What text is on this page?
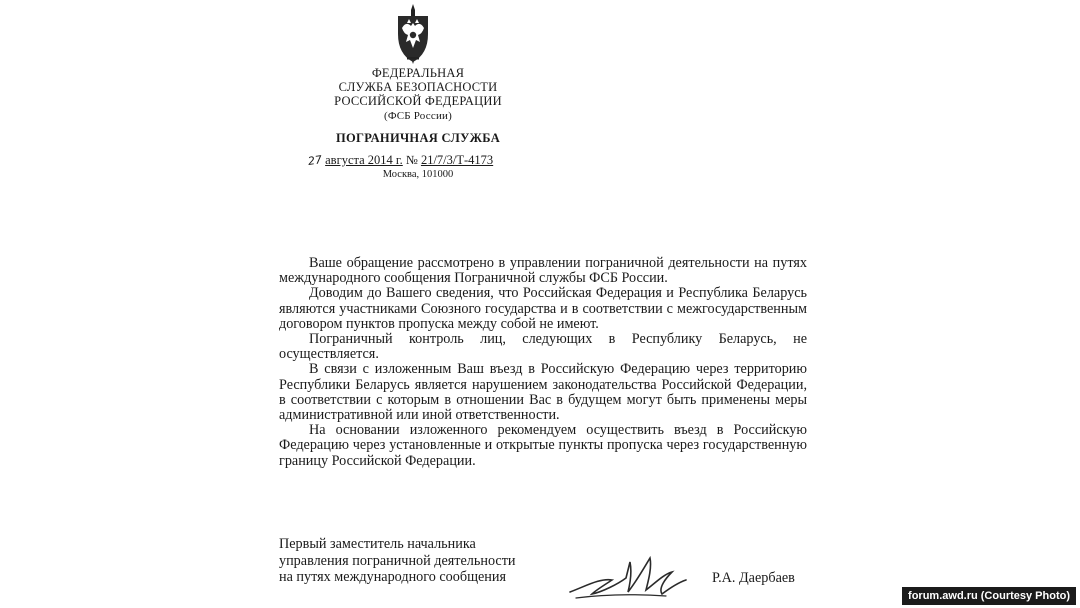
ФЕДЕРАЛЬНАЯ
СЛУЖБА БЕЗОПАСНОСТИ
РОССИЙСКОЙ ФЕДЕРАЦИИ
(ФСБ России)
ПОГРАНИЧНАЯ СЛУЖБА
27 августа 2014 г. № 21/7/3/Т-4173
Москва, 101000

Ваше обращение рассмотрено в управлении пограничной деятельности на путях международного сообщения Пограничной службы ФСБ России.

Доводим до Вашего сведения, что Российская Федерация и Республика Беларусь являются участниками Союзного государства и в соответствии с межгосударственным договором пунктов пропуска между собой не имеют.

Пограничный контроль лиц, следующих в Республику Беларусь, не осуществляется.

В связи с изложенным Ваш въезд в Российскую Федерацию через территорию Республики Беларусь является нарушением законодательства Российской Федерации, в соответствии с которым в отношении Вас в будущем могут быть применены меры административной или иной ответственности.

На основании изложенного рекомендуем осуществить въезд в Российскую Федерацию через установленные и открытые пункты пропуска через государственную границу Российской Федерации.

Первый заместитель начальника
управления пограничной деятельности
на путях международного сообщения	Р.А. Даербаев
forum.awd.ru (Courtesy Photo)
